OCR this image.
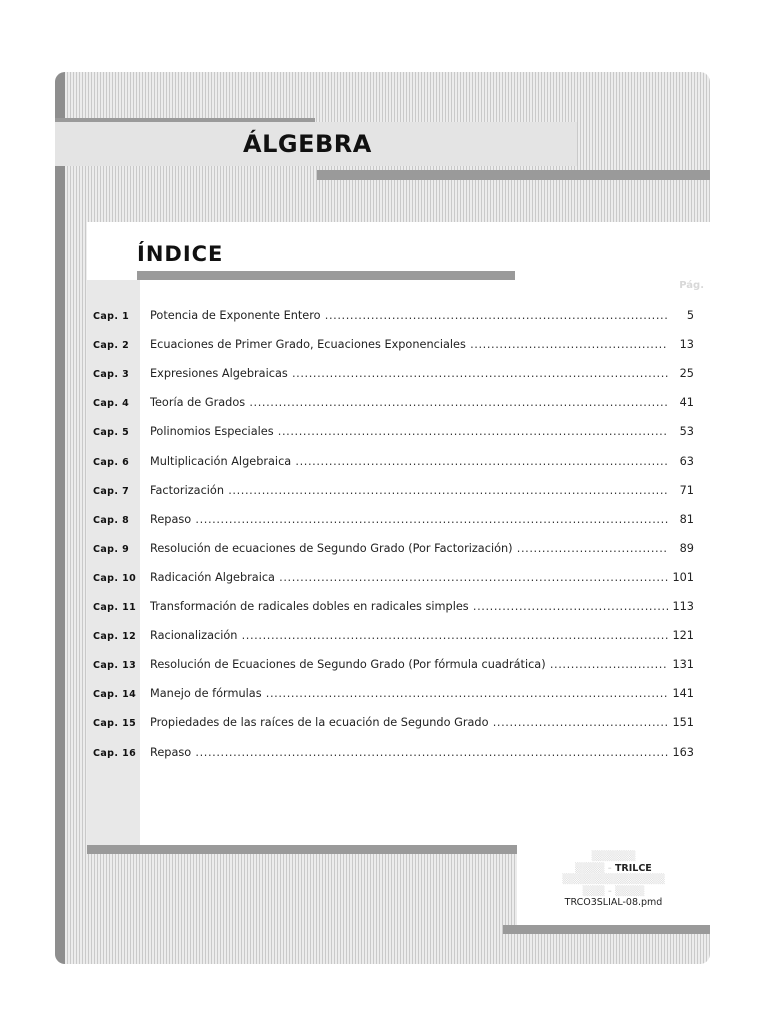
ÁLGEBRA
ÍNDICE
Pág.
Cap. 1	Potencia de Exponente Entero .....	5
Cap. 2	Ecuaciones de Primer Grado, Ecuaciones Exponenciales .....	13
Cap. 3	Expresiones Algebraicas .....	25
Cap. 4	Teoría de Grados .....	41
Cap. 5	Polinomios Especiales .....	53
Cap. 6	Multiplicación Algebraica .....	63
Cap. 7	Factorización .....	71
Cap. 8	Repaso .....	81
Cap. 9	Resolución de ecuaciones de Segundo Grado (Por Factorización) .....	89
Cap. 10 Radicación Algebraica .....	101
Cap. 11 Transformación de radicales dobles en radicales simples .....	113
Cap. 12 Racionalización .....	121
Cap. 13 Resolución de Ecuaciones de Segundo Grado (Por fórmula cuadrática) .....	131
Cap. 14 Manejo de fórmulas .....	141
Cap. 15 Propiedades de las raíces de la ecuación de Segundo Grado .....	151
Cap. 16 Repaso .....	163
▒▒▒▒▒▒
▒▒▒▒ - TRILCE
▒▒▒▒▒▒▒▒▒▒▒▒▒▒
▒▒▒ - ▒▒▒▒
TRCO3SLIAL-08.pmd
